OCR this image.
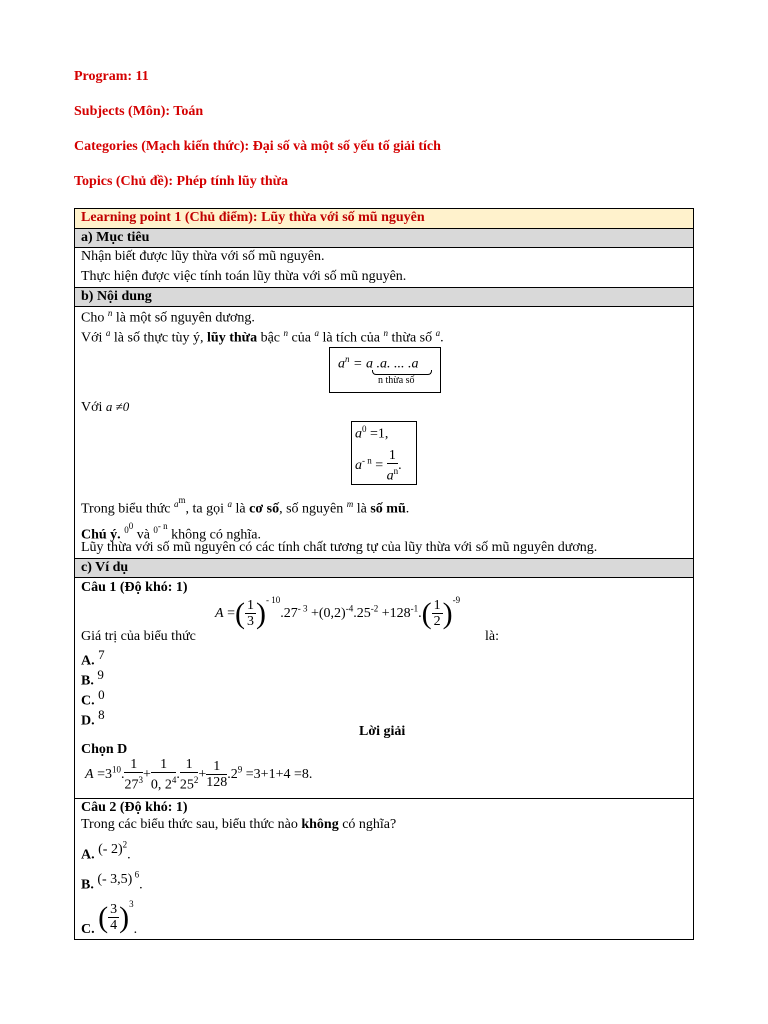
Program: 11
Subjects (Môn): Toán
Categories (Mạch kiến thức): Đại số và một số yếu tố giải tích
Topics (Chủ đề): Phép tính lũy thừa
Learning point 1 (Chủ điểm): Lũy thừa với số mũ nguyên
a) Mục tiêu
Nhận biết được lũy thừa với số mũ nguyên.
Thực hiện được việc tính toán lũy thừa với số mũ nguyên.
b) Nội dung
Cho $^n$ là một số nguyên dương.
Với $^a$ là số thực tùy ý, lũy thừa bậc $^n$ của $^a$ là tích của $^n$ thừa số $^a$.
$a^n = a$ .a. ... .a
n thừa số
Với a ≠0
$a^0 =1$,
$a^{- n} = \frac{1}{a^n}$ .
Trong biểu thức $^{a^m}$, ta gọi $^a$ là cơ số, số nguyên $^m$ là số mũ.
Chú ý. $^{0^0}$ và $^{0^{- n}}$ không có nghĩa.
Lũy thừa với số mũ nguyên có các tính chất tương tự của lũy thừa với số mũ nguyên dương.
c) Ví dụ
Câu 1 (Độ khó: 1)
A =( $\frac{1}{3} )^{- 10}.27^{- 3} +(0,2)^{-4}.25^{-2} +128^{-1}.( \frac{1}{2} )^{-9}$
Giá trị của biểu thức	là:
A. $^7$
B. $^9$
C. $^0$
D. $^8$
Lời giải
Chọn D
$A =3^{10}$. $\frac{1}{27^3} + \frac{1}{0, 2^4}$ . $\frac{1}{25^2} + \frac{1}{128} .2^9 =3+1+4 =8$.
Câu 2 (Độ khó: 1)
Trong các biểu thức sau, biểu thức nào không có nghĩa?
A. (- 2)$^2$.
B. (- 3,5) $^6$.
C. ( $\frac{3}{4} )^3$.
